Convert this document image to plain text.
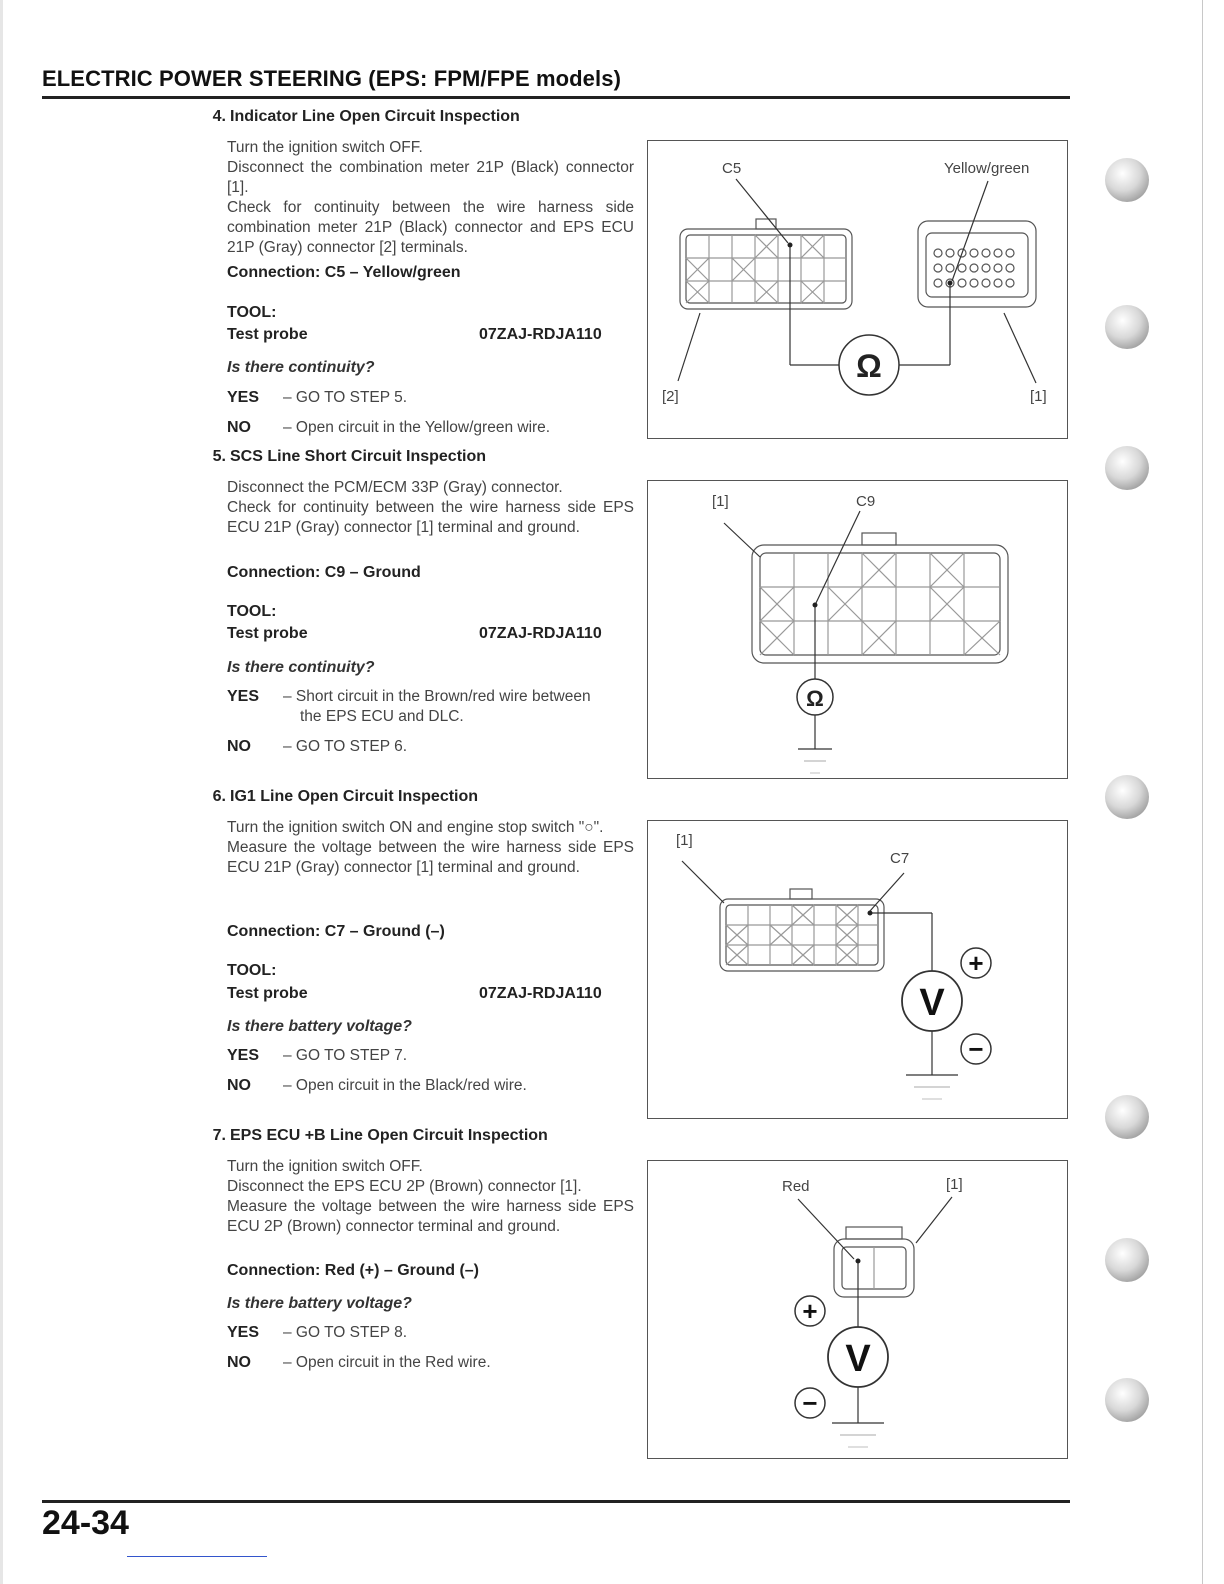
ELECTRIC POWER STEERING (EPS: FPM/FPE models)
4. Indicator Line Open Circuit Inspection
Turn the ignition switch OFF.
Disconnect the combination meter 21P (Black) connector [1].
Check for continuity between the wire harness side combination meter 21P (Black) connector and EPS ECU 21P (Gray) connector [2] terminals.
Connection: C5 – Yellow/green
TOOL:
Test probe	07ZAJ-RDJA110
Is there continuity?
YES – GO TO STEP 5.
NO – Open circuit in the Yellow/green wire.
5. SCS Line Short Circuit Inspection
Disconnect the PCM/ECM 33P (Gray) connector.
Check for continuity between the wire harness side EPS ECU 21P (Gray) connector [1] terminal and ground.
Connection: C9 – Ground
TOOL:
Test probe	07ZAJ-RDJA110
Is there continuity?
YES – Short circuit in the Brown/red wire between
the EPS ECU and DLC.
NO – GO TO STEP 6.
6. IG1 Line Open Circuit Inspection
Turn the ignition switch ON and engine stop switch "○".
Measure the voltage between the wire harness side EPS ECU 21P (Gray) connector [1] terminal and ground.
Connection: C7 – Ground (–)
TOOL:
Test probe	07ZAJ-RDJA110
Is there battery voltage?
YES – GO TO STEP 7.
NO – Open circuit in the Black/red wire.
7. EPS ECU +B Line Open Circuit Inspection
Turn the ignition switch OFF.
Disconnect the EPS ECU 2P (Brown) connector [1].
Measure the voltage between the wire harness side EPS ECU 2P (Brown) connector terminal and ground.
Connection: Red (+) – Ground (–)
Is there battery voltage?
YES – GO TO STEP 8.
NO – Open circuit in the Red wire.
Ω
C5	Yellow/green
[2]	[1]
Ω
[1]	C9
V
+
−
[1]
C7
V
+
−
Red	[1]
24-34
